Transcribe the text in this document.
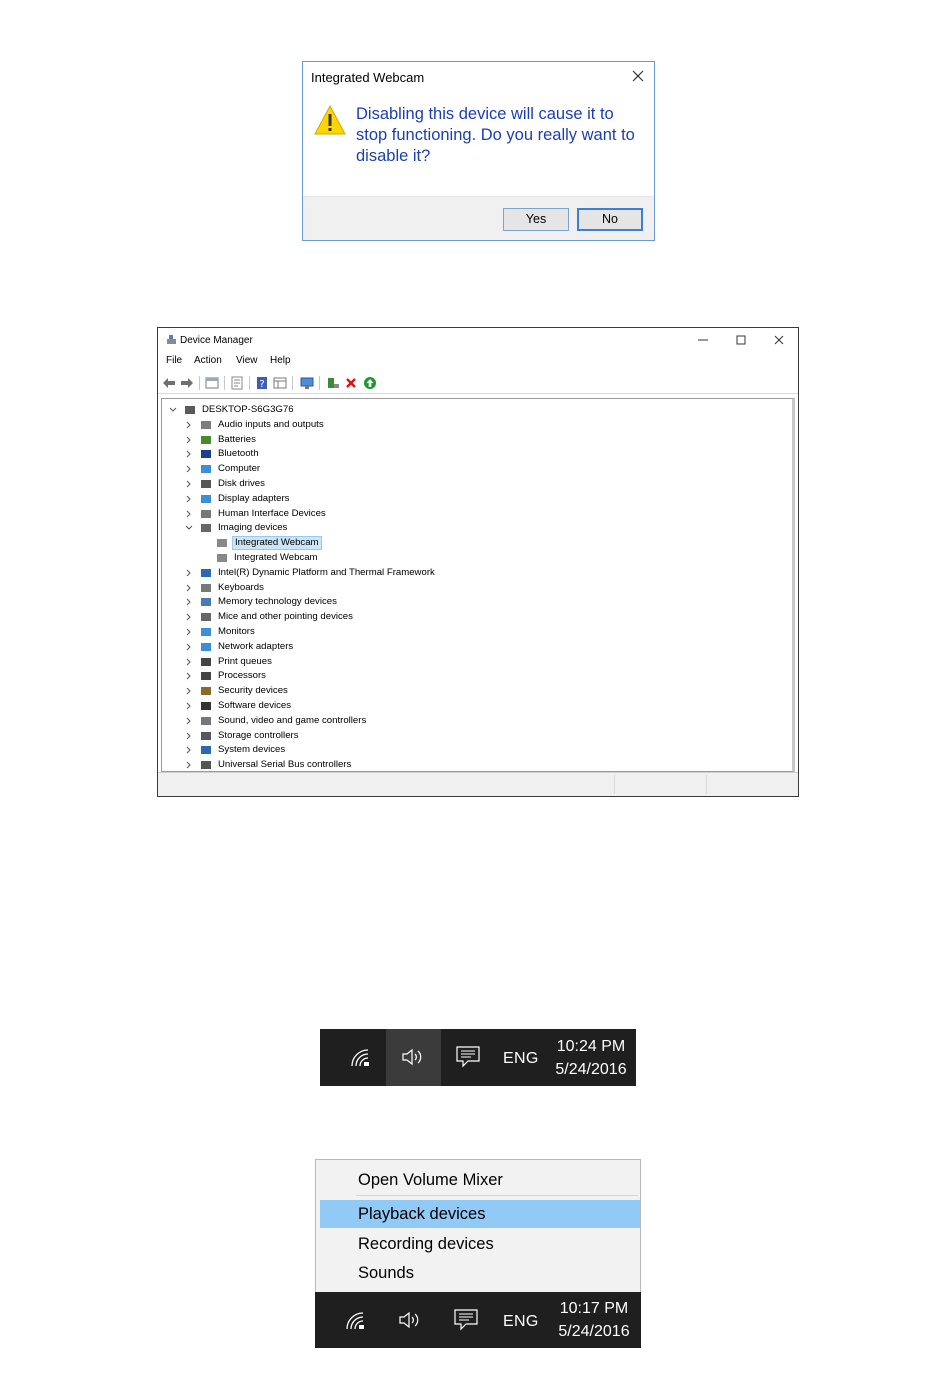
Integrated Webcam
Disabling this device will cause it to stop functioning. Do you really want to disable it?
Yes	No
Device Manager
File Action View Help
?
DESKTOP-S6G3G76
Audio inputs and outputs
Batteries
Bluetooth
Computer
Disk drives
Display adapters
Human Interface Devices
Imaging devices
Integrated Webcam
Integrated Webcam
Intel(R) Dynamic Platform and Thermal Framework
Keyboards
Memory technology devices
Mice and other pointing devices
Monitors
Network adapters
Print queues
Processors
Security devices
Software devices
Sound, video and game controllers
Storage controllers
System devices
Universal Serial Bus controllers
ENG
10:24 PM
5/24/2016
Open Volume Mixer
Playback devices
Recording devices
Sounds
ENG
10:17 PM
5/24/2016
